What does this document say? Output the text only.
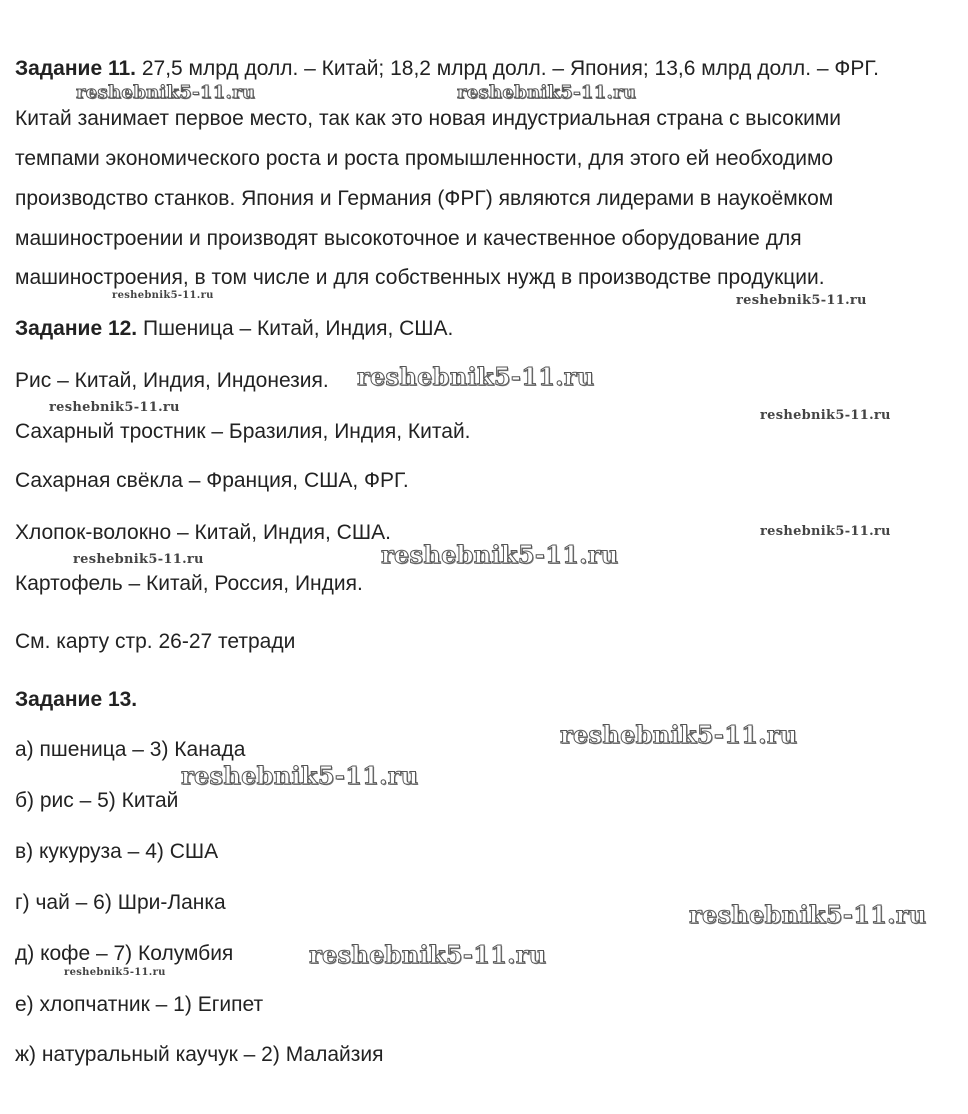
Задание 11. 27,5 млрд долл. – Китай; 18,2 млрд долл. – Япония; 13,6 млрд долл. – ФРГ.
Китай занимает первое место, так как это новая индустриальная страна с высокими
темпами экономического роста и роста промышленности, для этого ей необходимо
производство станков. Япония и Германия (ФРГ) являются лидерами в наукоёмком
машиностроении и производят высокоточное и качественное оборудование для
машиностроения, в том числе и для собственных нужд в производстве продукции.
Задание 12. Пшеница – Китай, Индия, США.
Рис – Китай, Индия, Индонезия.
Сахарный тростник – Бразилия, Индия, Китай.
Сахарная свёкла – Франция, США, ФРГ.
Хлопок-волокно – Китай, Индия, США.
Картофель – Китай, Россия, Индия.
См. карту стр. 26-27 тетради
Задание 13.
а) пшеница – 3) Канада
б) рис – 5) Китай
в) кукуруза – 4) США
г) чай – 6) Шри-Ланка
д) кофе – 7) Колумбия
е) хлопчатник – 1) Египет
ж) натуральный каучук – 2) Малайзия
reshebnik5-11.ru	reshebnik5-11.ru
reshebnik5-11.ru	reshebnik5-11.ru
reshebnik5-11.ru
reshebnik5-11.ru
reshebnik5-11.ru
reshebnik5-11.ru
reshebnik5-11.ru
reshebnik5-11.ru
reshebnik5-11.ru
reshebnik5-11.ru
reshebnik5-11.ru
reshebnik5-11.ru
reshebnik5-11.ru
